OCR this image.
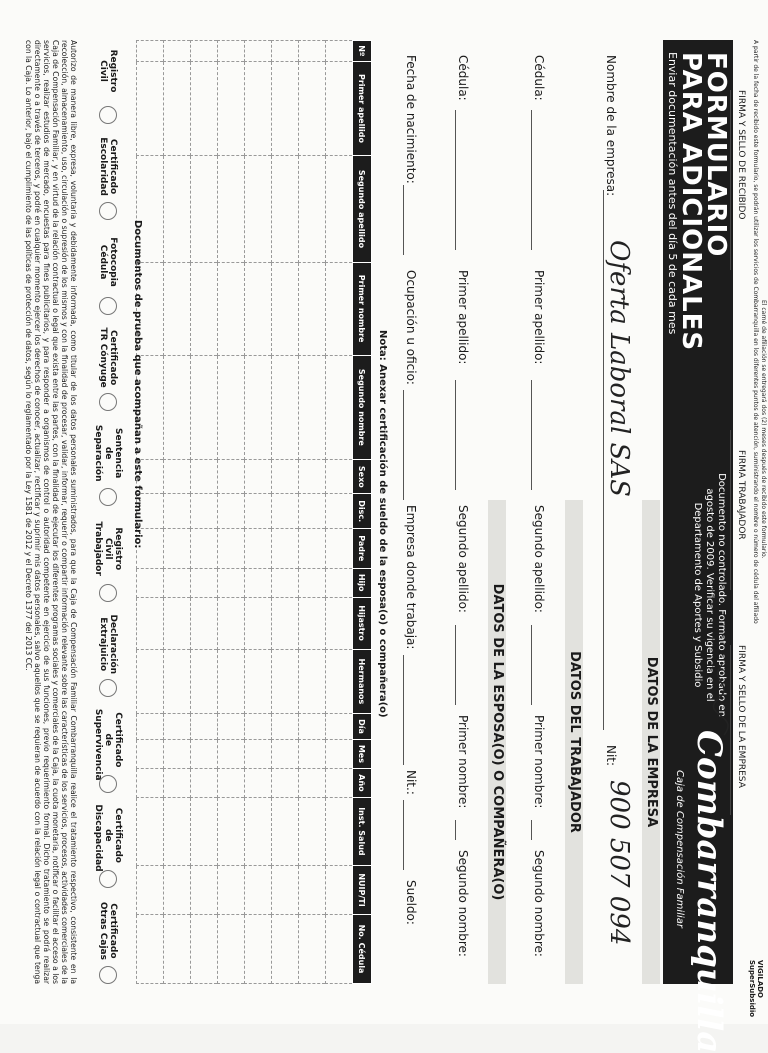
FORMULARIO
PARA ADICIONALES
Enviar documentación antes del día 5 de cada mes
Documento no controlado. Formato aprobado en agosto de 2009. Verificar su vigencia en el Departamento de Aportes y Subsidio
Combarranquilla
Caja de Compensación Familiar
DATOS DE LA EMPRESA
Nombre de la empresa:
Oferta Laboral SAS
Nit:
900 507 094
DATOS DEL TRABAJADOR
Cédula:
Primer apellido:
Segundo apellido:
Primer nombre:
Segundo nombre:
DATOS DE LA ESPOSA(O) O COMPAÑERA(O)
Cédula:
Primer apellido:
Segundo apellido:
Primer nombre:
Segundo nombre:
Fecha de nacimiento:
Ocupación u oficio:
Empresa donde trabaja:
Nit.:
Sueldo:
Nota: Anexar certificación de sueldo de la esposa(o) o compañera(o)
Nº	Primer apellido	Segundo apellido	Primer nombre	Segundo nombre	Sexo	Disc.	Padre	Hijo	Hijastro	Hermanos	Día	Mes	Año	Inst. Salud	NUIP/TI	No. Cédula

Documentos de prueba que acompañan a este formulario:
Registro Civil
Certificado Escolaridad
Fotocopia Cédula
Certificado TR Cónyuge
Sentencia de Separación
Registro Civil Trabajador
Declaración Extrajuicio
Certificado de Supervivencia
Certificado de Discapacidad
Certificado Otras Cajas
Autorizo de manera libre, expresa, voluntaria y debidamente informada, como titular de los datos personales suministrados, para que la Caja de Compensación Familiar Combarranquilla realice el tratamiento respectivo, consistente en la recolección, almacenamiento, uso, circulación o supresión de los mismos y con la finalidad de procesar, validar, informar, requerir o compartir información relevante sobre las características de los servicios, procesos, actividades comerciales de la Caja de Compensación Familiar, y en virtud de la relación contractual o legal que exista entre las partes, con la finalidad de ejecutar los diferentes programas sociales y comerciales de la Caja, la cuota monetaria, notificar o facilitar el acceso a los servicios, realizar estudios de mercado, encuestas para fines publicitarios, y para responder a organismos de control o autoridad competente en ejercicio de sus funciones, previo requerimiento formal. Dicho tratamiento se podrá realizar directamente o a través de terceros, y podré en cualquier momento ejercer los derechos de conocer, actualizar, rectificar y suprimir mis datos personales, salvo aquellos que se requieran de acuerdo con la relación legal o contractual que tenga con la Caja. Lo anterior, bajo el cumplimiento de las políticas de protección de datos, según lo reglamentado por la Ley 1581 de 2012 y el Decreto 1377 del 2013 CC.	FIRMA Y SELLO DE RECIBIDO
FIRMA TRABAJADOR
FIRMA Y SELLO DE LA EMPRESA
A partir de la fecha de recibido este formulario, se podrán utilizar los servicios de Combarranquilla en los diferentes puntos de atención, suministrando el nombre o número de cédula del afiliado El carné de afiliación se entregará dos (2) meses después de recibido este formulario.
VIGILADO SuperSubsidio
